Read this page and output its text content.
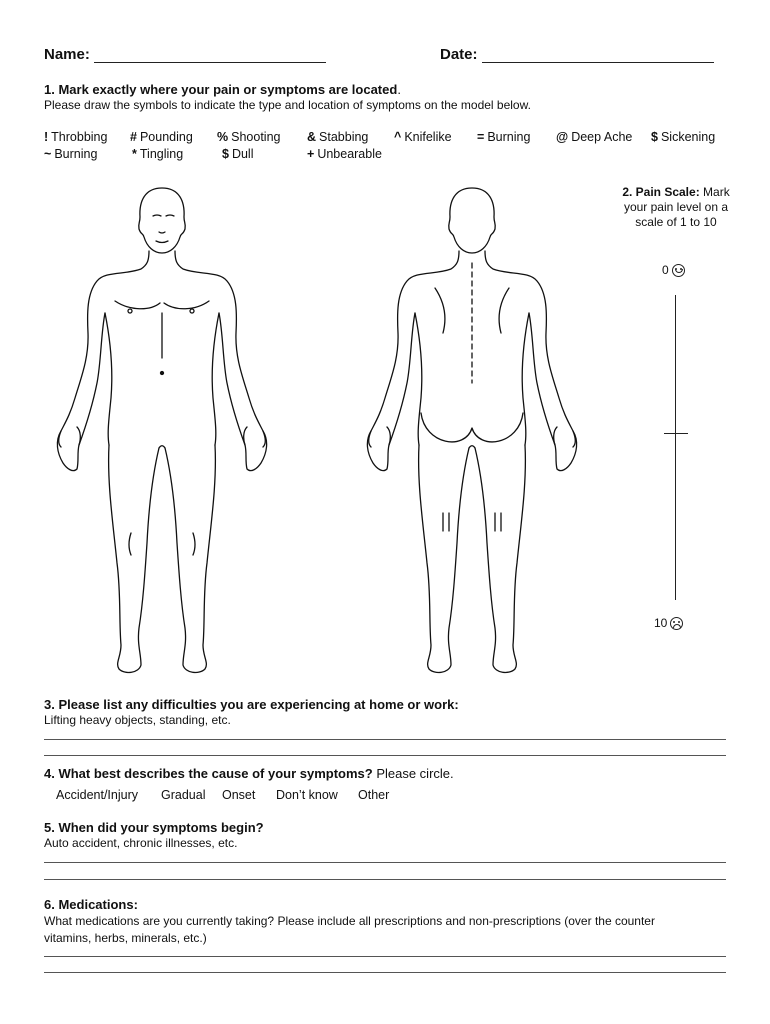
Name:	Date:
1. Mark exactly where your pain or symptoms are located.
Please draw the symbols to indicate the type and location of symptoms on the model below.
! Throbbing # Pounding % Shooting & Stabbing ^ Knifelike = Burning @ Deep Ache $ Sickening
~ Burning	* Tingling	$ Dull	+ Unbearable
2. Pain Scale: Mark
your pain level on a
scale of 1 to 10
0
10
3. Please list any difficulties you are experiencing at home or work:
Lifting heavy objects, standing, etc.
4. What best describes the cause of your symptoms? Please circle.
Accident/Injury Gradual Onset Don’t know Other
5. When did your symptoms begin?
Auto accident, chronic illnesses, etc.
6. Medications:
What medications are you currently taking? Please include all prescriptions and non-prescriptions (over the counter
vitamins, herbs, minerals, etc.)
